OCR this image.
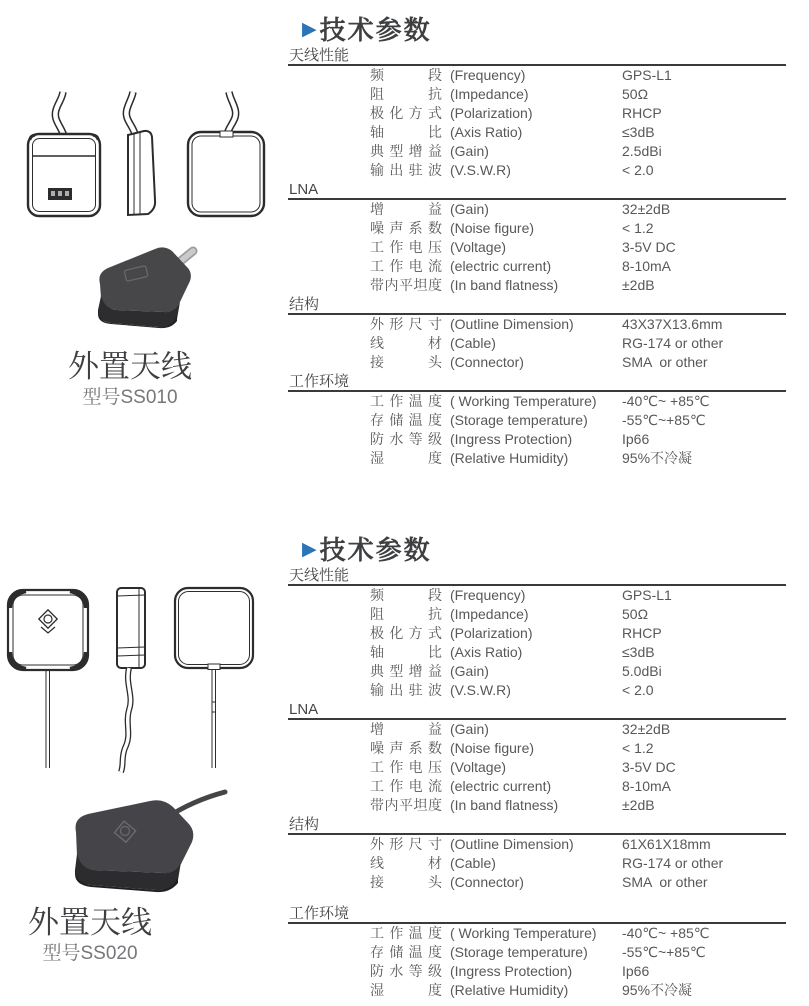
外置天线
型号SS010
▶ 技术参数
天线性能
频段 (Frequency)	GPS-L1
阻抗 (Impedance)	50Ω
极化方式 (Polarization)	RHCP
轴比 (Axis Ratio)	≤3dB
典型增益 (Gain)	2.5dBi
输出驻波 (V.S.W.R)	< 2.0
LNA
增益 (Gain)	32±2dB
噪声系数 (Noise figure)	< 1.2
工作电压 (Voltage)	3-5V DC
工作电流 (electric current)	8-10mA
带内平坦度 (In band flatness)	±2dB
结构
外形尺寸 (Outline Dimension)	43X37X13.6mm
线材 (Cable)	RG-174 or other
接头 (Connector)	SMA  or other
工作环境
工作温度 ( Working Temperature)	-40℃~ +85℃
存储温度 (Storage temperature)	-55℃~+85℃
防水等级 (Ingress Protection)	Ip66
湿度 (Relative Humidity)	95%不冷凝
外置天线
型号SS020
▶ 技术参数
天线性能
频段 (Frequency)	GPS-L1
阻抗 (Impedance)	50Ω
极化方式 (Polarization)	RHCP
轴比 (Axis Ratio)	≤3dB
典型增益 (Gain)	5.0dBi
输出驻波 (V.S.W.R)	< 2.0
LNA
增益 (Gain)	32±2dB
噪声系数 (Noise figure)	< 1.2
工作电压 (Voltage)	3-5V DC
工作电流 (electric current)	8-10mA
带内平坦度 (In band flatness)	±2dB
结构
外形尺寸 (Outline Dimension)	61X61X18mm
线材 (Cable)	RG-174 or other
接头 (Connector)	SMA  or other
工作环境
工作温度 ( Working Temperature)	-40℃~ +85℃
存储温度 (Storage temperature)	-55℃~+85℃
防水等级 (Ingress Protection)	Ip66
湿度 (Relative Humidity)	95%不冷凝
